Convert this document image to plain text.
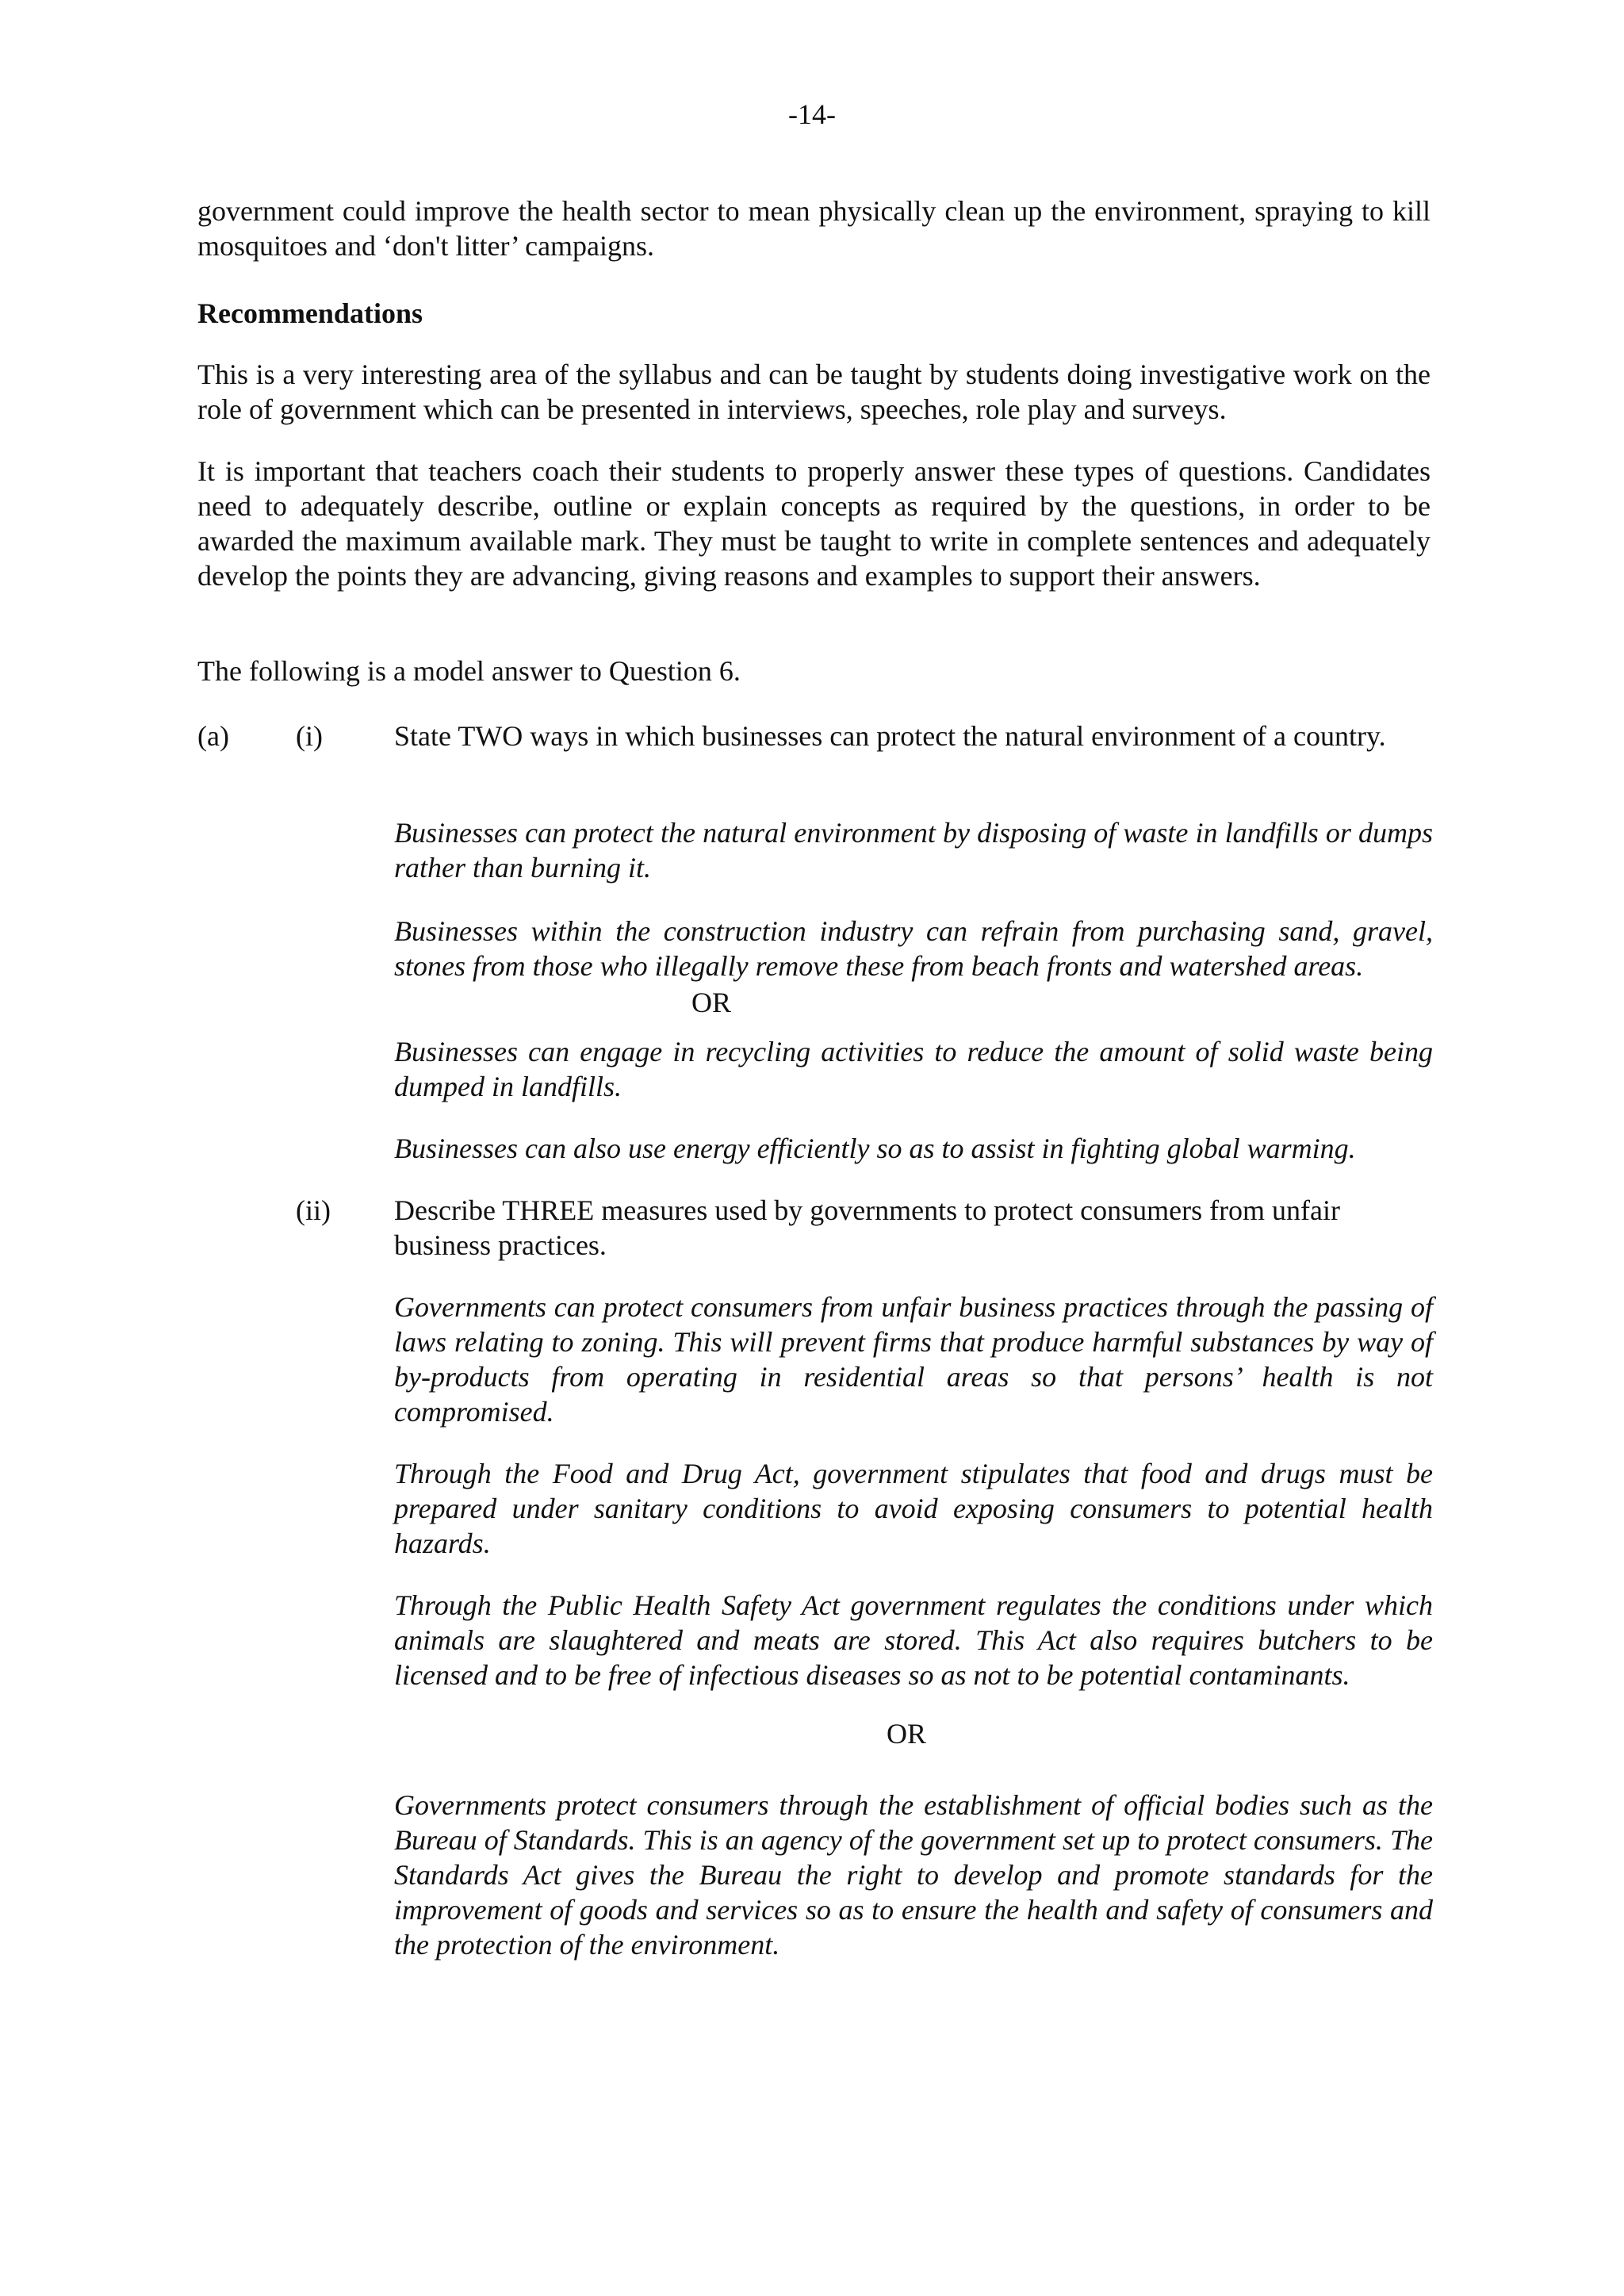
-14-

government could improve the health sector to mean physically clean up the environment, spraying to kill mosquitoes and ‘don't litter’ campaigns.

Recommendations

This is a very interesting area of the syllabus and can be taught by students doing investigative work on the role of government which can be presented in interviews, speeches, role play and surveys.

It is important that teachers coach their students to properly answer these types of questions. Candidates need to adequately describe, outline or explain concepts as required by the questions, in order to be awarded the maximum available mark. They must be taught to write in complete sentences and adequately develop the points they are advancing, giving reasons and examples to support their answers.

The following is a model answer to Question 6.

(a) (i)	State TWO ways in which businesses can protect the natural environment of a country.

Businesses can protect the natural environment by disposing of waste in landfills or dumps rather than burning it.

Businesses within the construction industry can refrain from purchasing sand, gravel, stones from those who illegally remove these from beach fronts and watershed areas.

OR

Businesses can engage in recycling activities to reduce the amount of solid waste being dumped in landfills.

Businesses can also use energy efficiently so as to assist in fighting global warming.

(ii) Describe THREE measures used by governments to protect consumers from unfair business practices.

Governments can protect consumers from unfair business practices through the passing of laws relating to zoning. This will prevent firms that produce harmful substances by way of by-products from operating in residential areas so that persons’ health is not compromised.

Through the Food and Drug Act, government stipulates that food and drugs must be prepared under sanitary conditions to avoid exposing consumers to potential health hazards.

Through the Public Health Safety Act government regulates the conditions under which animals are slaughtered and meats are stored. This Act also requires butchers to be licensed and to be free of infectious diseases so as not to be potential contaminants.

OR

Governments protect consumers through the establishment of official bodies such as the Bureau of Standards. This is an agency of the government set up to protect consumers. The Standards Act gives the Bureau the right to develop and promote standards for the improvement of goods and services so as to ensure the health and safety of consumers and the protection of the environment.
